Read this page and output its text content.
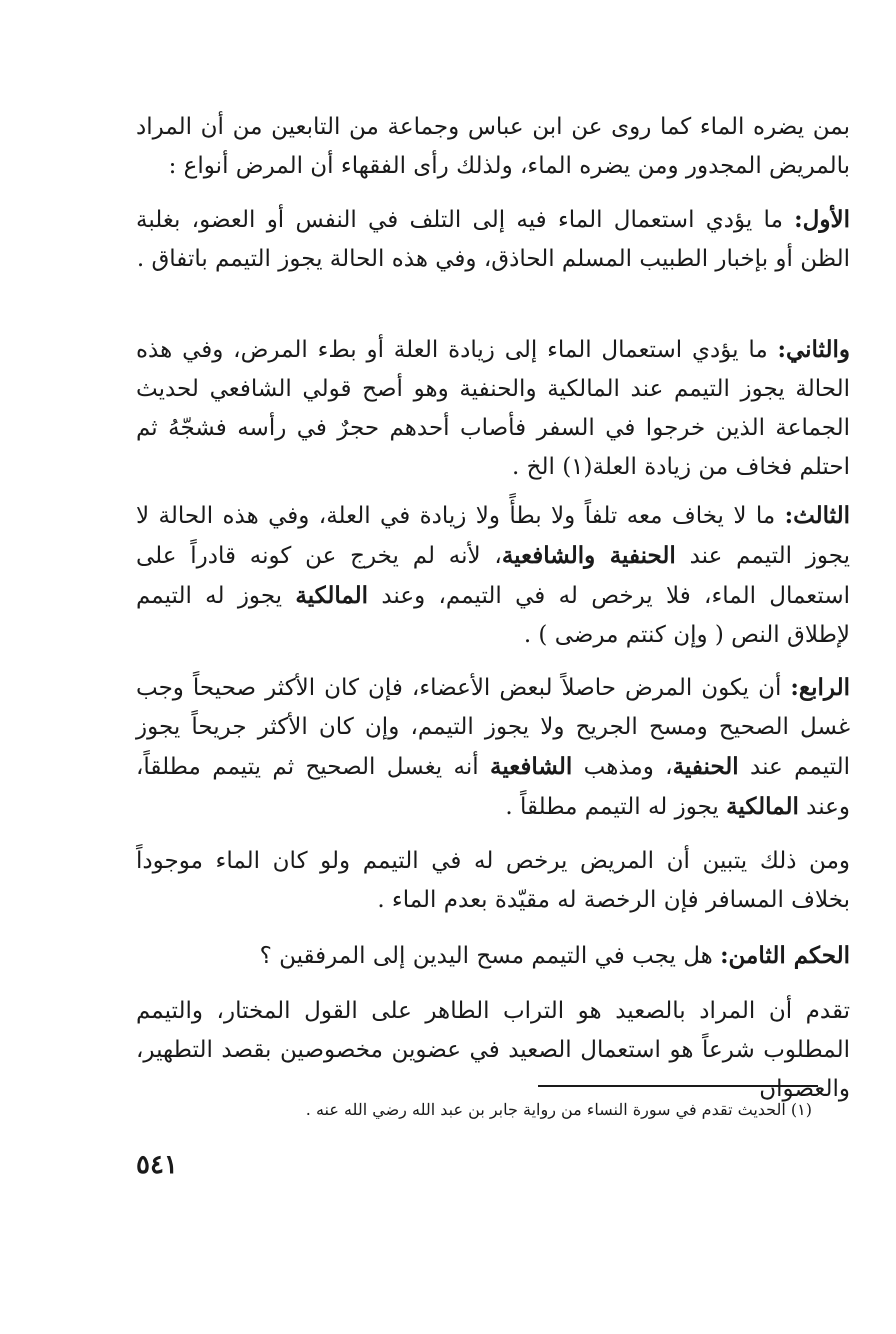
بمن يضره الماء كما روى عن ابن عباس وجماعة من التابعين من أن المراد بالمريض المجدور ومن يضره الماء، ولذلك رأى الفقهاء أن المرض أنواع :

الأول: ما يؤدي استعمال الماء فيه إلى التلف في النفس أو العضو، بغلبة الظن أو بإخبار الطبيب المسلم الحاذق، وفي هذه الحالة يجوز التيمم باتفاق .

والثاني: ما يؤدي استعمال الماء إلى زيادة العلة أو بطء المرض، وفي هذه الحالة يجوز التيمم عند المالكية والحنفية وهو أصح قولي الشافعي لحديث الجماعة الذين خرجوا في السفر فأصاب أحدهم حجرٌ في رأسه فشجّهُ ثم احتلم فخاف من زيادة العلة(١) الخ .

الثالث: ما لا يخاف معه تلفاً ولا بطأً ولا زيادة في العلة، وفي هذه الحالة لا يجوز التيمم عند الحنفية والشافعية، لأنه لم يخرج عن كونه قادراً على استعمال الماء، فلا يرخص له في التيمم، وعند المالكية يجوز له التيمم لإطلاق النص ( وإن كنتم مرضى ) .

الرابع: أن يكون المرض حاصلاً لبعض الأعضاء، فإن كان الأكثر صحيحاً وجب غسل الصحيح ومسح الجريح ولا يجوز التيمم، وإن كان الأكثر جريحاً يجوز التيمم عند الحنفية، ومذهب الشافعية أنه يغسل الصحيح ثم يتيمم مطلقاً، وعند المالكية يجوز له التيمم مطلقاً .

ومن ذلك يتبين أن المريض يرخص له في التيمم ولو كان الماء موجوداً بخلاف المسافر فإن الرخصة له مقيّدة بعدم الماء .

الحكم الثامن: هل يجب في التيمم مسح اليدين إلى المرفقين ؟

تقدم أن المراد بالصعيد هو التراب الطاهر على القول المختار، والتيمم المطلوب شرعاً هو استعمال الصعيد في عضوين مخصوصين بقصد التطهير، والعضوان

(١) الحديث تقدم في سورة النساء من رواية جابر بن عبد الله رضي الله عنه .
٥٤١
